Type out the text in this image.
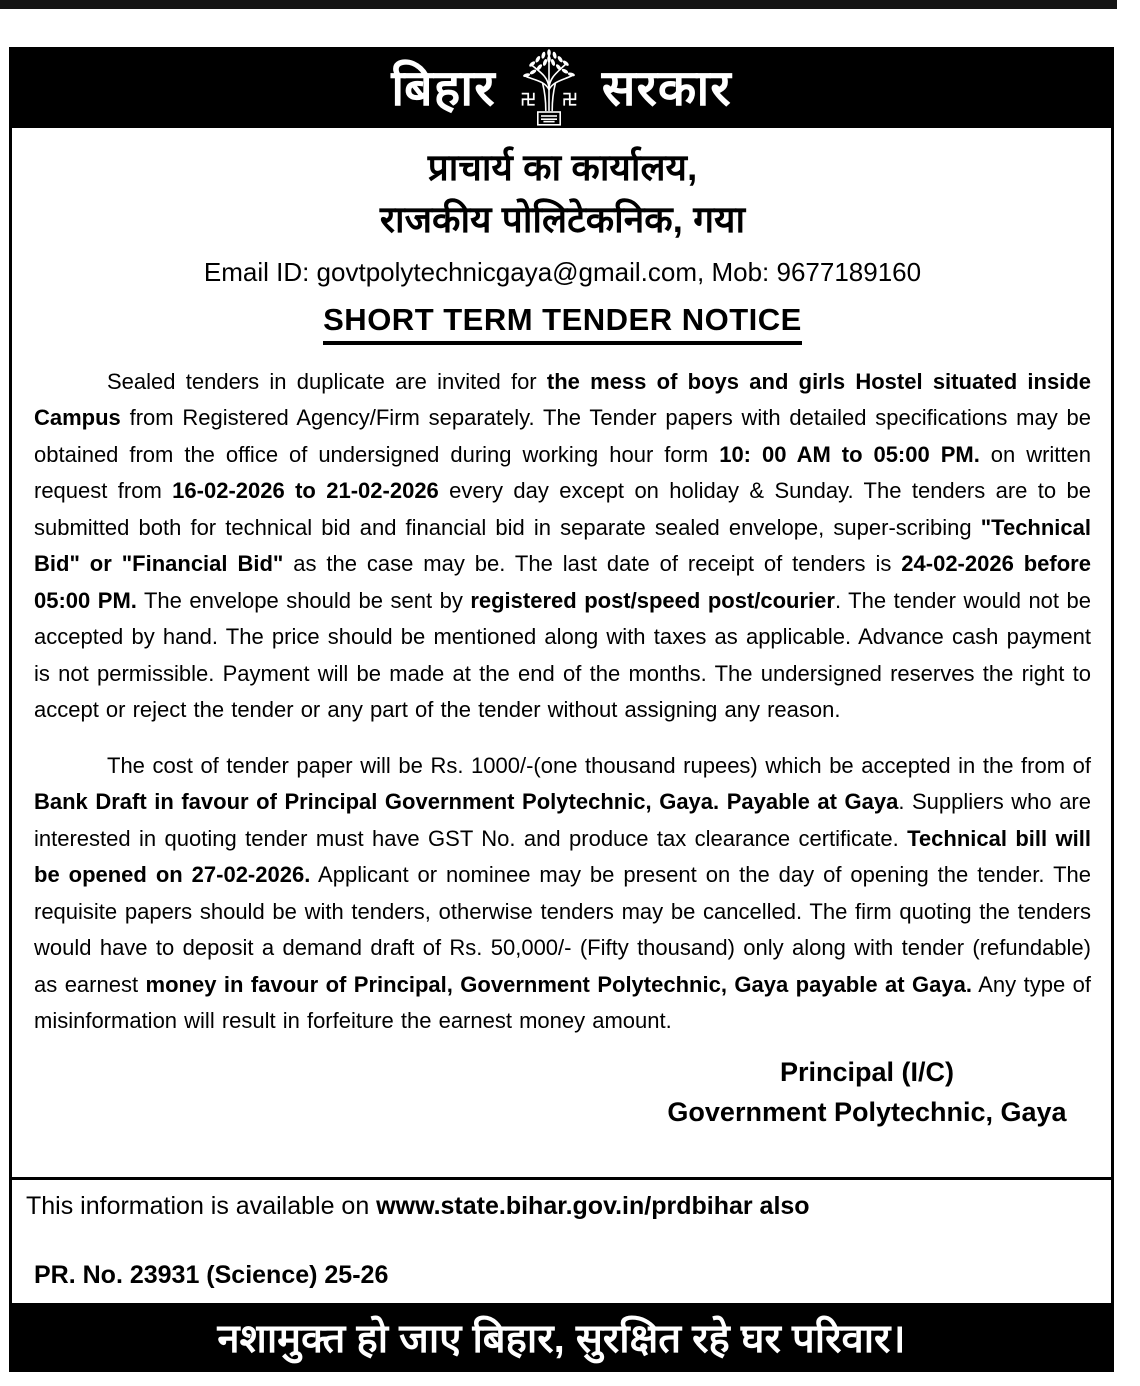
बिहार सरकार
प्राचार्य का कार्यालय,
राजकीय पोलिटेकनिक, गया
Email ID: govtpolytechnicgaya@gmail.com, Mob: 9677189160
SHORT TERM TENDER NOTICE

Sealed tenders in duplicate are invited for the mess of boys and girls Hostel situated inside Campus from Registered Agency/Firm separately. The Tender papers with detailed specifications may be obtained from the office of undersigned during working hour form 10: 00 AM to 05:00 PM. on written request from 16-02-2026 to 21-02-2026 every day except on holiday & Sunday. The tenders are to be submitted both for technical bid and financial bid in separate sealed envelope, super-scribing "Technical Bid" or "Financial Bid" as the case may be. The last date of receipt of tenders is 24-02-2026 before 05:00 PM. The envelope should be sent by registered post/speed post/courier. The tender would not be accepted by hand. The price should be mentioned along with taxes as applicable. Advance cash payment is not permissible. Payment will be made at the end of the months. The undersigned reserves the right to accept or reject the tender or any part of the tender without assigning any reason.

The cost of tender paper will be Rs. 1000/-(one thousand rupees) which be accepted in the from of Bank Draft in favour of Principal Government Polytechnic, Gaya. Payable at Gaya. Suppliers who are interested in quoting tender must have GST No. and produce tax clearance certificate. Technical bill will be opened on 27-02-2026. Applicant or nominee may be present on the day of opening the tender. The requisite papers should be with tenders, otherwise tenders may be cancelled. The firm quoting the tenders would have to deposit a demand draft of Rs. 50,000/- (Fifty thousand) only along with tender (refundable) as earnest money in favour of Principal, Government Polytechnic, Gaya payable at Gaya. Any type of misinformation will result in forfeiture the earnest money amount.

Principal (I/C)
Government Polytechnic, Gaya

This information is available on www.state.bihar.gov.in/prdbihar also

PR. No. 23931 (Science) 25-26

नशामुक्त हो जाए बिहार, सुरक्षित रहे घर परिवार।
